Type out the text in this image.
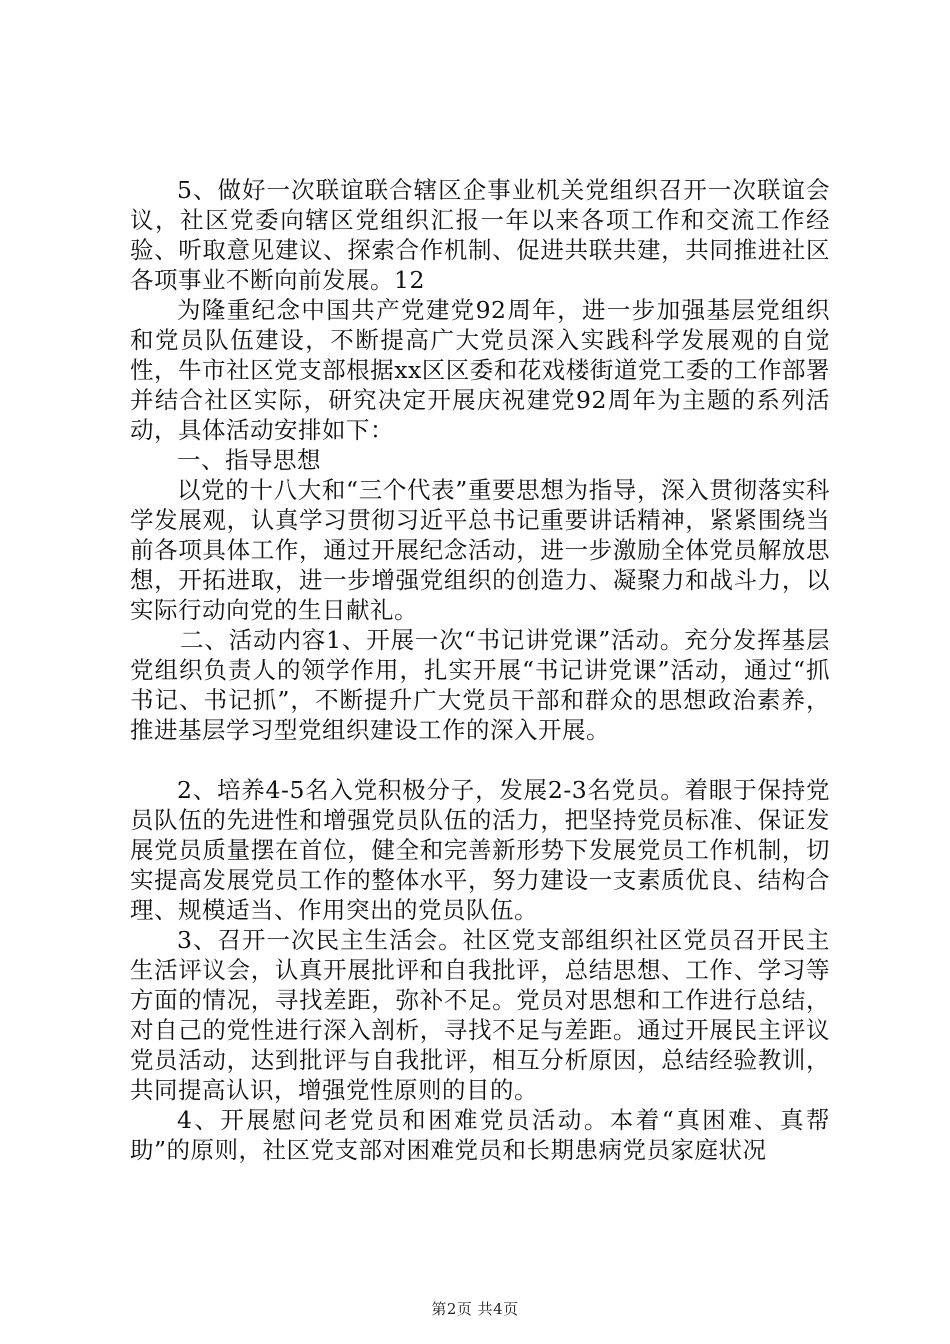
5、做好一次联谊联合辖区企事业机关党组织召开一次联谊会议，社区党委向辖区党组织汇报一年以来各项工作和交流工作经验、听取意见建议、探索合作机制、促进共联共建，共同推进社区各项事业不断向前发展。12

为隆重纪念中国共产党建党92周年，进一步加强基层党组织和党员队伍建设，不断提高广大党员深入实践科学发展观的自觉性，牛市社区党支部根据xx区区委和花戏楼街道党工委的工作部署并结合社区实际，研究决定开展庆祝建党92周年为主题的系列活动，具体活动安排如下：

一、指导思想

以党的十八大和“三个代表”重要思想为指导，深入贯彻落实科学发展观，认真学习贯彻习近平总书记重要讲话精神，紧紧围绕当前各项具体工作，通过开展纪念活动，进一步激励全体党员解放思想，开拓进取，进一步增强党组织的创造力、凝聚力和战斗力，以实际行动向党的生日献礼。

二、活动内容1、开展一次“书记讲党课”活动。充分发挥基层党组织负责人的领学作用，扎实开展“书记讲党课”活动，通过“抓书记、书记抓”，不断提升广大党员干部和群众的思想政治素养，推进基层学习型党组织建设工作的深入开展。

2、培养4-5名入党积极分子，发展2-3名党员。着眼于保持党员队伍的先进性和增强党员队伍的活力，把坚持党员标准、保证发展党员质量摆在首位，健全和完善新形势下发展党员工作机制，切实提高发展党员工作的整体水平，努力建设一支素质优良、结构合理、规模适当、作用突出的党员队伍。

3、召开一次民主生活会。社区党支部组织社区党员召开民主生活评议会，认真开展批评和自我批评，总结思想、工作、学习等方面的情况，寻找差距，弥补不足。党员对思想和工作进行总结，对自己的党性进行深入剖析，寻找不足与差距。通过开展民主评议党员活动，达到批评与自我批评，相互分析原因，总结经验教训，共同提高认识，增强党性原则的目的。

4、开展慰问老党员和困难党员活动。本着“真困难、真帮助”的原则，社区党支部对困难党员和长期患病党员家庭状况

第2页 共4页
